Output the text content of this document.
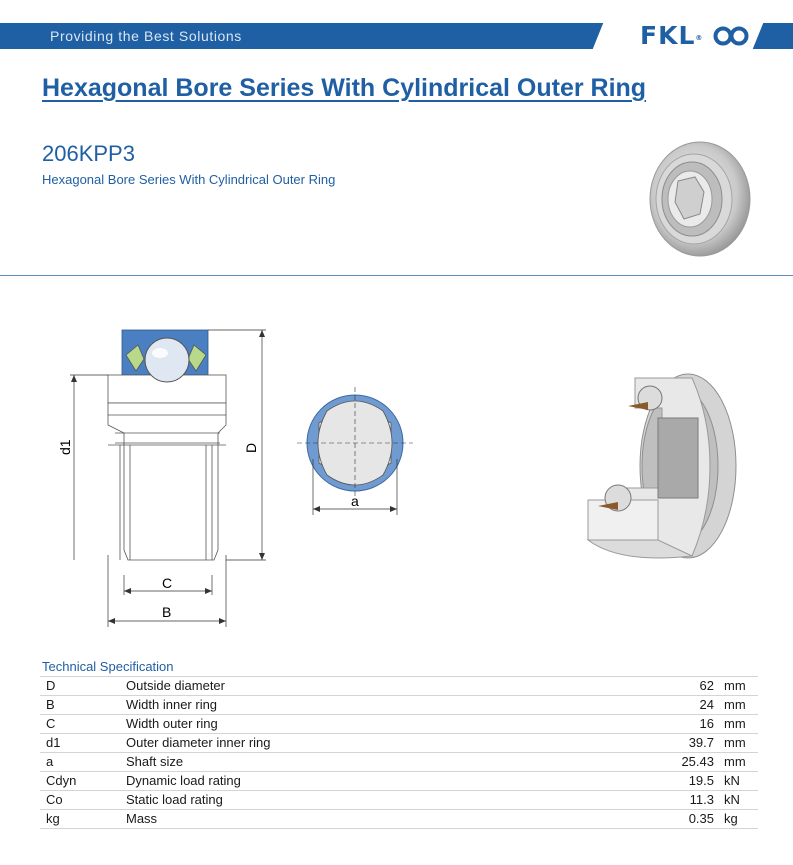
Providing the Best Solutions	FKL®
Hexagonal Bore Series With Cylindrical Outer Ring
206KPP3
Hexagonal Bore Series With Cylindrical Outer Ring
d1	D
C
B
a
Technical Specification
D	Outside diameter	62	mm
B	Width inner ring	24	mm
C	Width outer ring	16	mm
d1	Outer diameter inner ring	39.7	mm
a	Shaft size	25.43	mm
Cdyn	Dynamic load rating	19.5	kN
Co	Static load rating	11.3	kN
kg	Mass	0.35	kg
